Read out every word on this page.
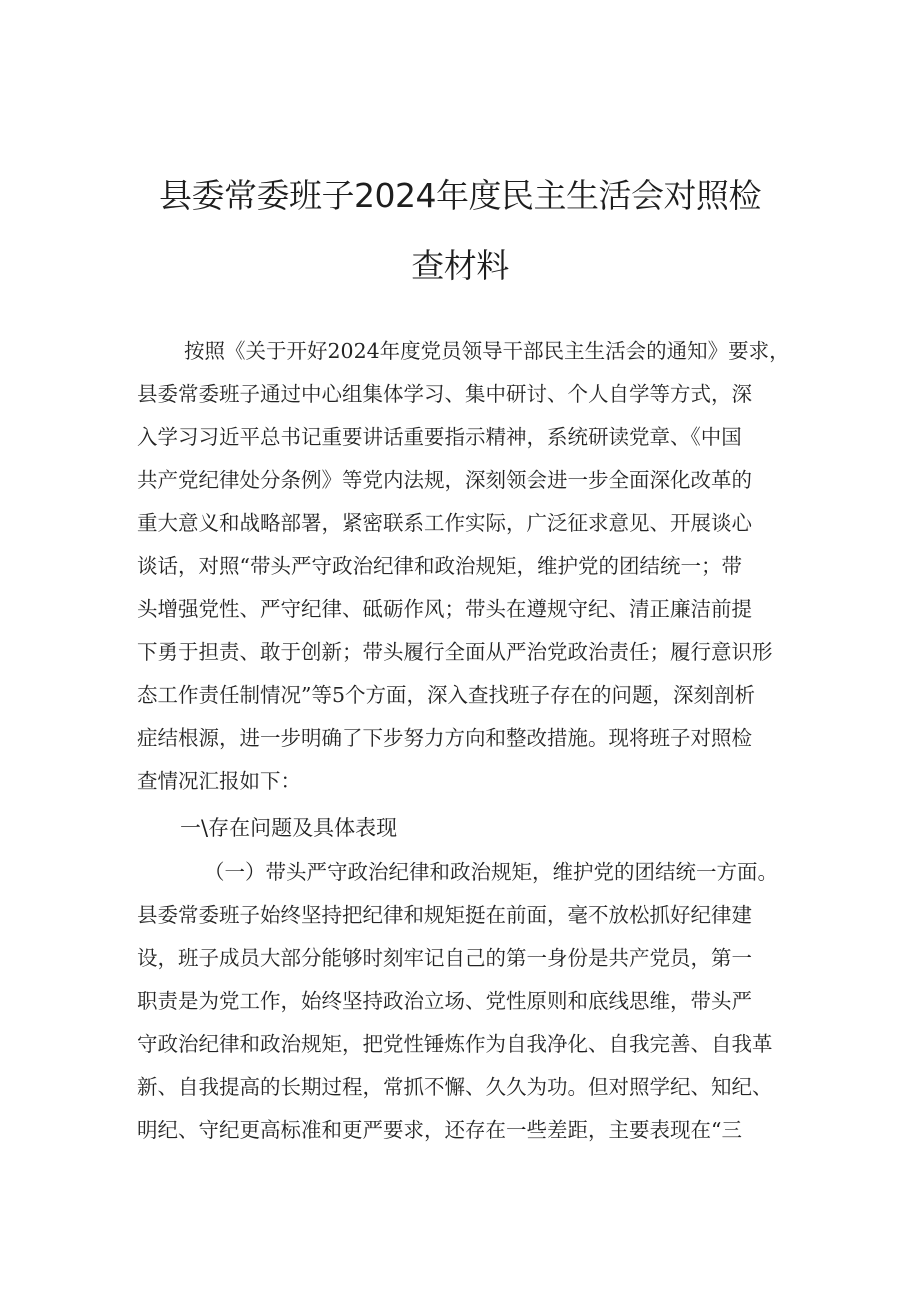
县委常委班子2024年度民主生活会对照检
查材料
按照《关于开好2024年度党员领导干部民主生活会的通知》要求，
县委常委班子通过中心组集体学习、集中研讨、个人自学等方式，深
入学习习近平总书记重要讲话重要指示精神，系统研读党章、《中国
共产党纪律处分条例》等党内法规，深刻领会进一步全面深化改革的
重大意义和战略部署，紧密联系工作实际，广泛征求意见、开展谈心
谈话，对照“带头严守政治纪律和政治规矩，维护党的团结统一；带
头增强党性、严守纪律、砥砺作风；带头在遵规守纪、清正廉洁前提
下勇于担责、敢于创新；带头履行全面从严治党政治责任；履行意识形
态工作责任制情况”等5个方面，深入查找班子存在的问题，深刻剖析
症结根源，进一步明确了下步努力方向和整改措施。现将班子对照检
查情况汇报如下：
一\存在问题及具体表现
（一）带头严守政治纪律和政治规矩，维护党的团结统一方面。
县委常委班子始终坚持把纪律和规矩挺在前面，毫不放松抓好纪律建
设，班子成员大部分能够时刻牢记自己的第一身份是共产党员，第一
职责是为党工作，始终坚持政治立场、党性原则和底线思维，带头严
守政治纪律和政治规矩，把党性锤炼作为自我净化、自我完善、自我革
新、自我提高的长期过程，常抓不懈、久久为功。但对照学纪、知纪、
明纪、守纪更高标准和更严要求，还存在一些差距，主要表现在“三
